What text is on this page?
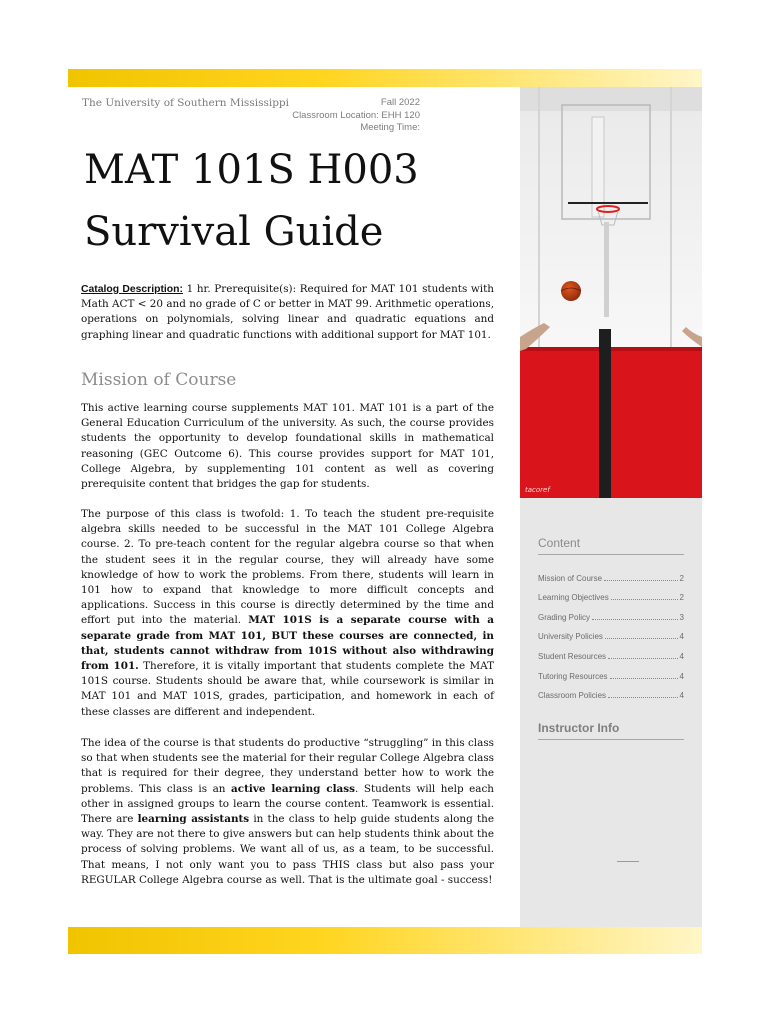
The University of Southern Mississippi	Fall 2022
Classroom Location: EHH 120
Meeting Time:
MAT 101S H003
Survival Guide

Catalog Description: 1 hr. Prerequisite(s): Required for MAT 101 students with Math ACT < 20 and no grade of C or better in MAT 99. Arithmetic operations, operations on polynomials, solving linear and quadratic equations and graphing linear and quadratic functions with additional support for MAT 101.

Mission of Course

This active learning course supplements MAT 101. MAT 101 is a part of the General Education Curriculum of the university. As such, the course provides students the opportunity to develop foundational skills in mathematical reasoning (GEC Outcome 6). This course provides support for MAT 101, College Algebra, by supplementing 101 content as well as covering prerequisite content that bridges the gap for students.

The purpose of this class is twofold: 1. To teach the student pre-requisite algebra skills needed to be successful in the MAT 101 College Algebra course. 2. To pre-teach content for the regular algebra course so that when the student sees it in the regular course, they will already have some knowledge of how to work the problems. From there, students will learn in 101 how to expand that knowledge to more difficult concepts and applications. Success in this course is directly determined by the time and effort put into the material. MAT 101S is a separate course with a separate grade from MAT 101, BUT these courses are connected, in that, students cannot withdraw from 101S without also withdrawing from 101. Therefore, it is vitally important that students complete the MAT 101S course. Students should be aware that, while coursework is similar in MAT 101 and MAT 101S, grades, participation, and homework in each of these classes are different and independent.

The idea of the course is that students do productive “struggling” in this class so that when students see the material for their regular College Algebra class that is required for their degree, they understand better how to work the problems. This class is an active learning class. Students will help each other in assigned groups to learn the course content. Teamwork is essential. There are learning assistants in the class to help guide students along the way. They are not there to give answers but can help students think about the process of solving problems. We want all of us, as a team, to be successful. That means, I not only want you to pass THIS class but also pass your REGULAR College Algebra course as well. That is the ultimate goal - success!

tacoref
Content
Mission of Course	2
Learning Objectives	2
Grading Policy	3
University Policies	4
Student Resources	4
Tutoring Resources	4
Classroom Policies	4
Instructor Info
